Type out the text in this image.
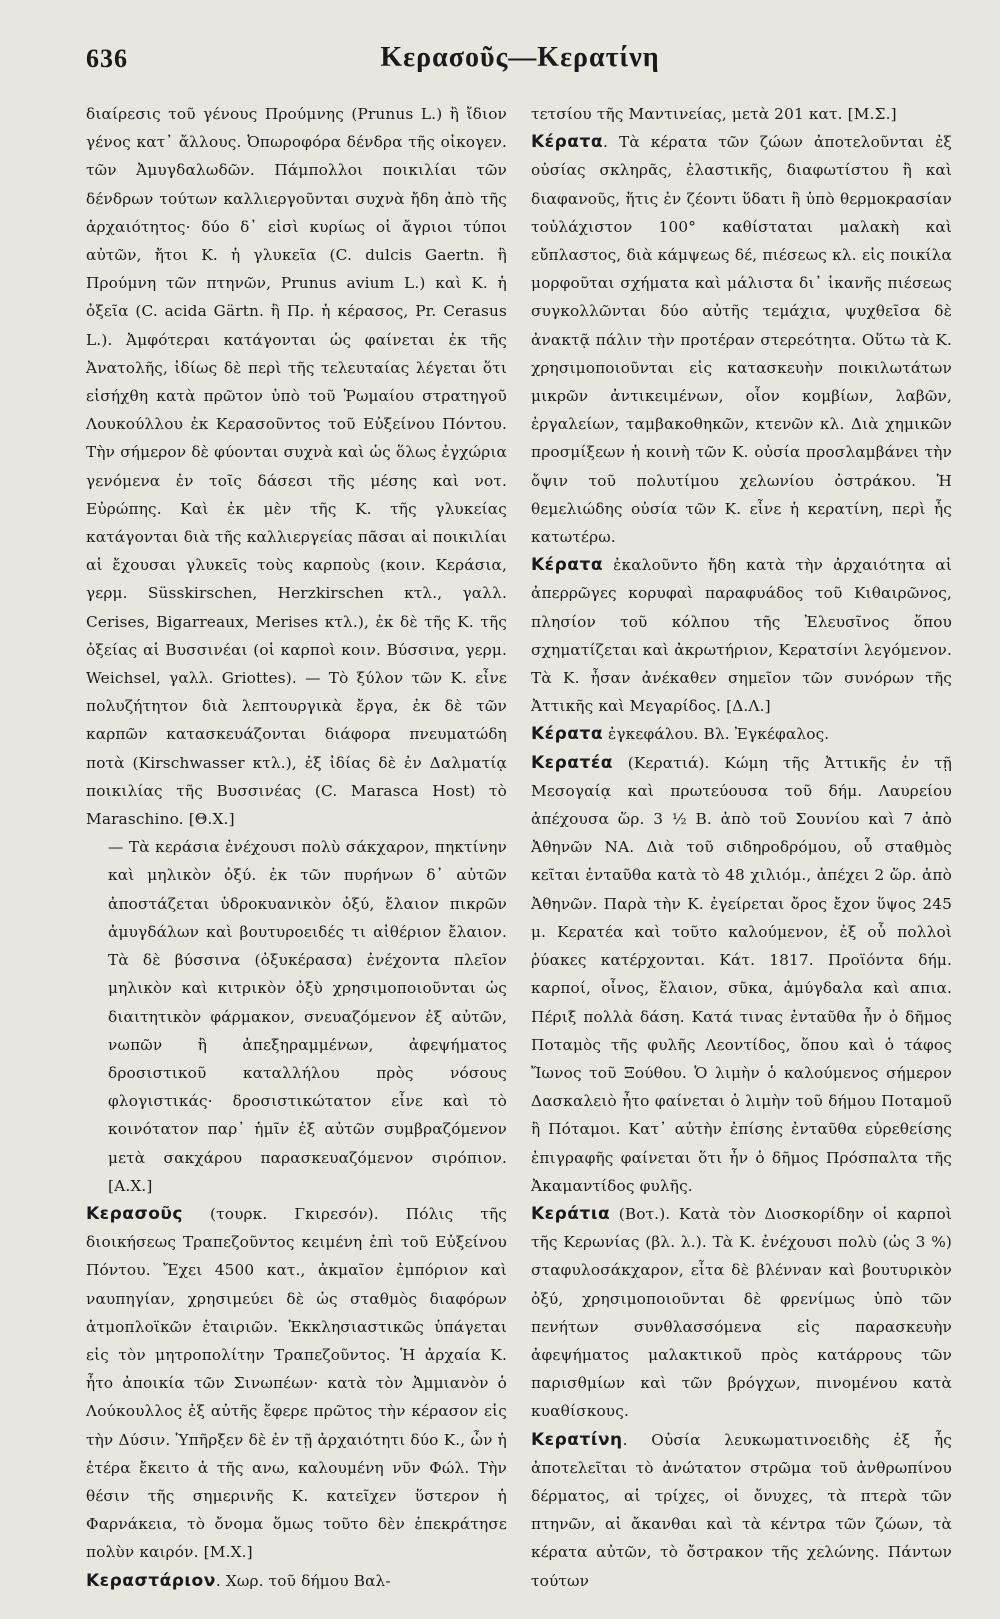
636	Κερασοῦς—Κερατίνη

διαίρεσις τοῦ γένους Προύμνης (Prunus L.) ἢ ἴδιον γένος κατ᾽ ἄλλους. Ὀπωροφόρα δένδρα τῆς οἰκογεν. τῶν Ἀμυγδαλωδῶν. Πάμπολλοι ποικιλίαι τῶν δένδρων τούτων καλλιεργοῦνται συχνὰ ἤδη ἀπὸ τῆς ἀρχαιότητος· δύο δ᾽ εἰσὶ κυρίως οἱ ἄγριοι τύποι αὐτῶν, ἤτοι Κ. ἡ γλυκεῖα (C. dulcis Gaertn. ἢ Προύμνη τῶν πτηνῶν, Prunus avium L.) καὶ Κ. ἡ ὀξεῖα (C. acida Gärtn. ἢ Πρ. ἡ κέρασος, Pr. Cerasus L.). Ἀμφότεραι κατάγονται ὡς φαίνεται ἐκ τῆς Ἀνατολῆς, ἰδίως δὲ περὶ τῆς τελευταίας λέγεται ὅτι εἰσήχθη κατὰ πρῶτον ὑπὸ τοῦ Ῥωμαίου στρατηγοῦ Λουκούλλου ἐκ Κερασοῦντος τοῦ Εὐξείνου Πόντου. Τὴν σήμερον δὲ φύονται συχνὰ καὶ ὡς ὅλως ἐγχώρια γενόμενα ἐν τοῖς δάσεσι τῆς μέσης καὶ νοτ. Εὐρώπης. Καὶ ἐκ μὲν τῆς Κ. τῆς γλυκείας κατάγονται διὰ τῆς καλλιεργείας πᾶσαι αἱ ποικιλίαι αἱ ἔχουσαι γλυκεῖς τοὺς καρποὺς (κοιν. Κεράσια, γερμ. Süsskirschen, Herzkirschen κτλ., γαλλ. Cerises, Bigarreaux, Merises κτλ.), ἐκ δὲ τῆς Κ. τῆς ὀξείας αἱ Βυσσινέαι (οἱ καρποὶ κοιν. Βύσσινα, γερμ. Weichsel, γαλλ. Griottes). — Τὸ ξύλον τῶν Κ. εἶνε πολυζήτητον διὰ λεπτουργικὰ ἔργα, ἐκ δὲ τῶν καρπῶν κατασκευάζονται διάφορα πνευματώδη ποτὰ (Kirschwasser κτλ.), ἐξ ἰδίας δὲ ἐν Δαλματίᾳ ποικιλίας τῆς Βυσσινέας (C. Marasca Host) τὸ Maraschino. [Θ.Χ.]

— Τὰ κεράσια ἐνέχουσι πολὺ σάκχαρον, πηκτίνην καὶ μηλικὸν ὀξύ. ἐκ τῶν πυρήνων δ᾽ αὐτῶν ἀποστάζεται ὑδροκυανικὸν ὀξύ, ἔλαιον πικρῶν ἀμυγδάλων καὶ βουτυροειδές τι αἰθέριον ἔλαιον. Τὰ δὲ βύσσινα (ὀξυκέρασα) ἐνέχοντα πλεῖον μηλικὸν καὶ κιτρικὸν ὀξὺ χρησιμοποιοῦνται ὡς διαιτητικὸν φάρμακον, σνευαζόμενον ἐξ αὐτῶν, νωπῶν ἢ ἀπεξηραμμένων, ἀφεψήματος δροσιστικοῦ καταλλήλου πρὸς νόσους φλογιστικάς· δροσιστικώτατον εἶνε καὶ τὸ κοινότατον παρ᾽ ἡμῖν ἐξ αὐτῶν συμβραζόμενον μετὰ σακχάρου παρασκευαζόμενον σιρόπιον. [Α.Χ.]

Κερασοῦς (τουρκ. Γκιρεσόν). Πόλις τῆς διοικήσεως Τραπεζοῦντος κειμένη ἐπὶ τοῦ Εὐξείνου Πόντου. Ἔχει 4500 κατ., ἀκμαῖον ἐμπόριον καὶ ναυπηγίαν, χρησιμεύει δὲ ὡς σταθμὸς διαφόρων ἀτμοπλοϊκῶν ἑταιριῶν. Ἐκκλησιαστικῶς ὑπάγεται εἰς τὸν μητροπολίτην Τραπεζοῦντος. Ἡ ἀρχαία Κ. ἦτο ἀποικία τῶν Σινωπέων· κατὰ τὸν Ἀμμιανὸν ὁ Λούκουλλος ἐξ αὐτῆς ἔφερε πρῶτος τὴν κέρασον εἰς τὴν Δύσιν. Ὑπῆρξεν δὲ ἐν τῇ ἀρχαιότητι δύο Κ., ὧν ἡ ἑτέρα ἔκειτο ἀ τῆς ανω, καλουμένη νῦν Φώλ. Τὴν θέσιν τῆς σημερινῆς Κ. κατεῖχεν ὕστερον ἡ Φαρνάκεια, τὸ ὄνομα ὅμως τοῦτο δὲν ἐπεκράτησε πολὺν καιρόν. [Μ.Χ.]

Κεραστάριον. Χωρ. τοῦ δήμου Βαλ-

τετσίου τῆς Μαντινείας, μετὰ 201 κατ. [Μ.Σ.]

Κέρατα. Τὰ κέρατα τῶν ζώων ἀποτελοῦνται ἐξ οὐσίας σκληρᾶς, ἐλαστικῆς, διαφωτίστου ἢ καὶ διαφανοῦς, ἥτις ἐν ζέοντι ὕδατι ἢ ὑπὸ θερμοκρασίαν τοὐλάχιστον 100° καθίσταται μαλακὴ καὶ εὔπλαστος, διὰ κάμψεως δέ, πιέσεως κλ. εἰς ποικίλα μορφοῦται σχήματα καὶ μάλιστα δι᾽ ἱκανῆς πιέσεως συγκολλῶνται δύο αὐτῆς τεμάχια, ψυχθεῖσα δὲ ἀνακτᾷ πάλιν τὴν προτέραν στερεότητα. Οὕτω τὰ Κ. χρησιμοποιοῦνται εἰς κατασκευὴν ποικιλωτάτων μικρῶν ἀντικειμένων, οἷον κομβίων, λαβῶν, ἐργαλείων, ταμβακοθηκῶν, κτενῶν κλ. Διὰ χημικῶν προσμίξεων ἡ κοινὴ τῶν Κ. οὐσία προσλαμβάνει τὴν ὄψιν τοῦ πολυτίμου χελωνίου ὀστράκου. Ἡ θεμελιώδης οὐσία τῶν Κ. εἶνε ἡ κερατίνη, περὶ ἧς κατωτέρω.

Κέρατα ἐκαλοῦντο ἤδη κατὰ τὴν ἀρχαιότητα αἱ ἀπερρῶγες κορυφαὶ παραφυάδος τοῦ Κιθαιρῶνος, πλησίον τοῦ κόλπου τῆς Ἐλευσῖνος ὅπου σχηματίζεται καὶ ἀκρωτήριον, Κερατσίνι λεγόμενον. Τὰ Κ. ἦσαν ἀνέκαθεν σημεῖον τῶν συνόρων τῆς Ἀττικῆς καὶ Μεγαρίδος. [Δ.Λ.]

Κέρατα ἐγκεφάλου. Βλ. Ἐγκέφαλος.

Κερατέα (Κερατιά). Κώμη τῆς Ἀττικῆς ἐν τῇ Μεσογαίᾳ καὶ πρωτεύουσα τοῦ δήμ. Λαυρείου ἀπέχουσα ὥρ. 3 ½ Β. ἀπὸ τοῦ Σουνίου καὶ 7 ἀπὸ Ἀθηνῶν ΝΑ. Διὰ τοῦ σιδηροδρόμου, οὗ σταθμὸς κεῖται ἐνταῦθα κατὰ τὸ 48 χιλιόμ., ἀπέχει 2 ὥρ. ἀπὸ Ἀθηνῶν. Παρὰ τὴν Κ. ἐγείρεται ὄρος ἔχον ὕψος 245 μ. Κερατέα καὶ τοῦτο καλούμενον, ἐξ οὗ πολλοὶ ῥύακες κατέρχονται. Κάτ. 1817. Προϊόντα δήμ. καρποί, οἶνος, ἔλαιον, σῦκα, ἀμύγδαλα καὶ απια. Πέριξ πολλὰ δάση. Κατά τινας ἐνταῦθα ἦν ὁ δῆμος Ποταμὸς τῆς φυλῆς Λεοντίδος, ὅπου καὶ ὁ τάφος Ἴωνος τοῦ Ξούθου. Ὁ λιμὴν ὁ καλούμενος σήμερον Δασκαλειὸ ἦτο φαίνεται ὁ λιμὴν τοῦ δήμου Ποταμοῦ ἢ Πόταμοι. Κατ᾽ αὐτὴν ἐπίσης ἐνταῦθα εὑρεθείσης ἐπιγραφῆς φαίνεται ὅτι ἦν ὁ δῆμος Πρόσπαλτα τῆς Ἀκαμαντίδος φυλῆς.

Κεράτια (Βοτ.). Κατὰ τὸν Διοσκορίδην οἱ καρποὶ τῆς Κερωνίας (βλ. λ.). Τὰ Κ. ἐνέχουσι πολὺ (ὡς 3 %) σταφυλοσάκχαρον, εἶτα δὲ βλένναν καὶ βουτυρικὸν ὀξύ, χρησιμοποιοῦνται δὲ φρενίμως ὑπὸ τῶν πενήτων συνθλασσόμενα εἰς παρασκευὴν ἀφεψήματος μαλακτικοῦ πρὸς κατάρρους τῶν παρισθμίων καὶ τῶν βρόγχων, πινομένου κατὰ κυαθίσκους.

Κερατίνη. Οὐσία λευκωματινοειδὴς ἐξ ἧς ἀποτελεῖται τὸ ἀνώτατον στρῶμα τοῦ ἀνθρωπίνου δέρματος, αἱ τρίχες, οἱ ὄνυχες, τὰ πτερὰ τῶν πτηνῶν, αἱ ἄκανθαι καὶ τὰ κέντρα τῶν ζώων, τὰ κέρατα αὐτῶν, τὸ ὄστρακον τῆς χελώνης. Πάντων τούτων
